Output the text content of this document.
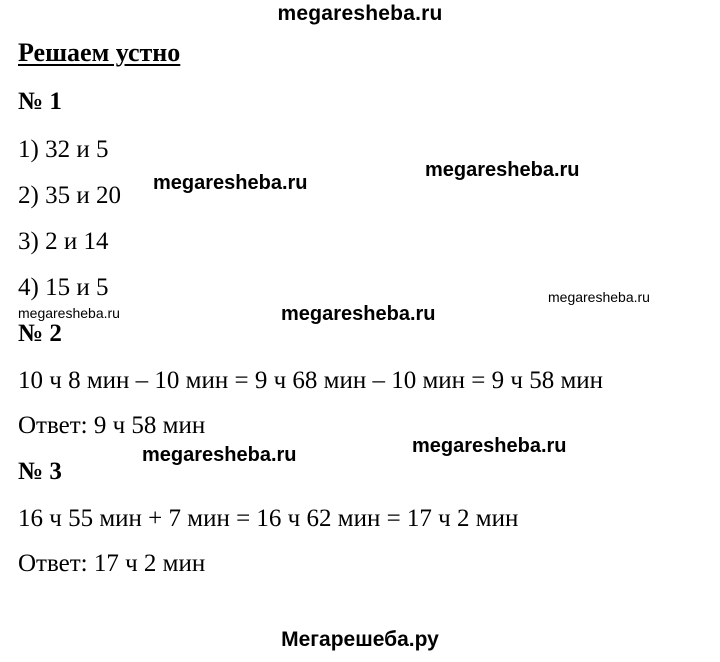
megaresheba.ru
Решаем устно
№ 1
1) 32 и 5
2) 35 и 20
3) 2 и 14
4) 15 и 5
№ 2
10 ч 8 мин – 10 мин = 9 ч 68 мин – 10 мин = 9 ч 58 мин
Ответ: 9 ч 58 мин
№ 3
16 ч 55 мин + 7 мин = 16 ч 62 мин = 17 ч 2 мин
Ответ: 17 ч 2 мин
megaresheba.ru
megaresheba.ru
megaresheba.ru
megaresheba.ru	megaresheba.ru
megaresheba.ru
megaresheba.ru
Мегарешеба.ру
